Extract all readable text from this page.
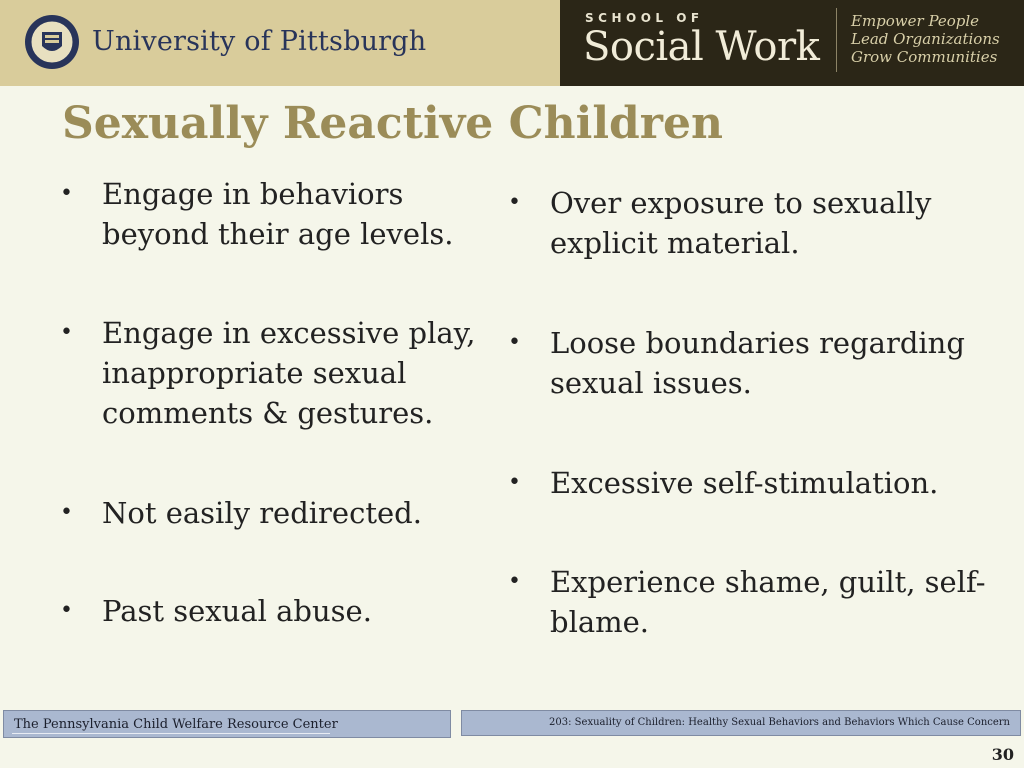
University of Pittsburgh
SCHOOL OF
Social Work
Empower People
Lead Organizations
Grow Communities
Sexually Reactive Children
• Engage in behaviors beyond their age levels.
• Engage in excessive play, inappropriate sexual comments & gestures.
• Not easily redirected.
• Past sexual abuse.
• Over exposure to sexually explicit material.
• Loose boundaries regarding sexual issues.
• Excessive self-stimulation.
• Experience shame, guilt, self-blame.
The Pennsylvania Child Welfare Resource Center	203: Sexuality of Children: Healthy Sexual Behaviors and Behaviors Which Cause Concern
30
